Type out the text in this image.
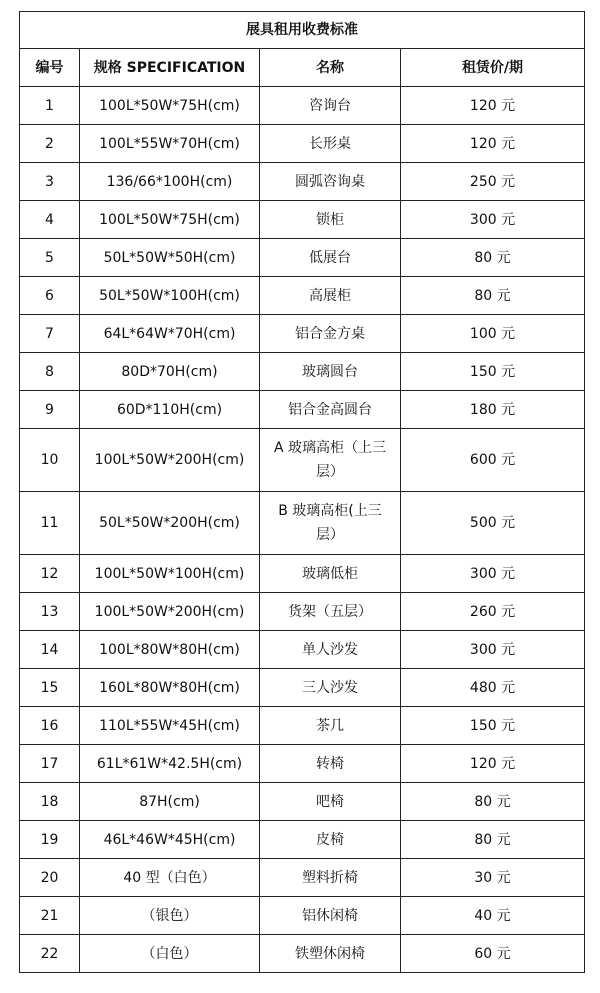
展具租用收费标准			
编号	规格 SPECIFICATION	名称	租赁价/期
1	100L*50W*75H(cm)	咨询台	120 元
2	100L*55W*70H(cm)	长形桌	120 元
3	136/66*100H(cm)	圆弧咨询桌	250 元
4	100L*50W*75H(cm)	锁柜	300 元
5	50L*50W*50H(cm)	低展台	80 元
6	50L*50W*100H(cm)	高展柜	80 元
7	64L*64W*70H(cm)	铝合金方桌	100 元
8	80D*70H(cm)	玻璃圆台	150 元
9	60D*110H(cm)	铝合金高圆台	180 元
10	100L*50W*200H(cm)	A 玻璃高柜（上三层）	600 元
11	50L*50W*200H(cm)	B 玻璃高柜(上三层）	500 元
12	100L*50W*100H(cm)	玻璃低柜	300 元
13	100L*50W*200H(cm)	货架（五层）	260 元
14	100L*80W*80H(cm)	单人沙发	300 元
15	160L*80W*80H(cm)	三人沙发	480 元
16	110L*55W*45H(cm)	茶几	150 元
17	61L*61W*42.5H(cm)	转椅	120 元
18	87H(cm)	吧椅	80 元
19	46L*46W*45H(cm)	皮椅	80 元
20	40 型（白色）	塑料折椅	30 元
21	（银色）	铝休闲椅	40 元
22	（白色）	铁塑休闲椅	60 元
